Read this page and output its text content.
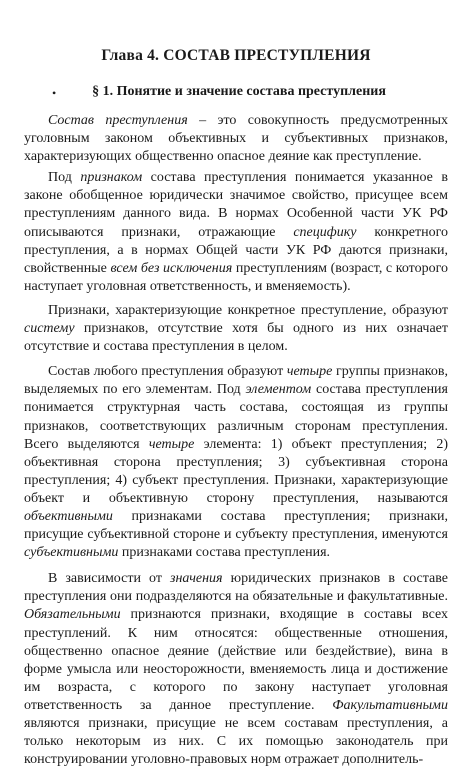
Глава 4. СОСТАВ ПРЕСТУПЛЕНИЯ
•	§ 1. Понятие и значение состава преступления

Состав преступления – это совокупность предусмотренных уголовным законом объективных и субъективных признаков, характеризующих общественно опасное деяние как преступление.

Под признаком состава преступления понимается указанное в законе обобщенное юридически значимое свойство, присущее всем преступлениям данного вида. В нормах Особенной части УК РФ описываются признаки, отражающие специфику конкретного преступления, а в нормах Общей части УК РФ даются признаки, свойственные всем без исключения преступлениям (возраст, с которого наступает уголовная ответственность, и вменяемость).

Признаки, характеризующие конкретное преступление, образуют систему признаков, отсутствие хотя бы одного из них означает отсутствие и состава преступления в целом.

Состав любого преступления образуют четыре группы признаков, выделяемых по его элементам. Под элементом состава преступления понимается структурная часть состава, состоящая из группы признаков, соответствующих различным сторонам преступления. Всего выделяются четыре элемента: 1) объект преступления; 2) объективная сторона преступления; 3) субъективная сторона преступления; 4) субъект преступления. Признаки, характеризующие объект и объективную сторону преступления, называются объективными признаками состава преступления; признаки, присущие субъективной стороне и субъекту преступления, именуются субъективными признаками состава преступления.

В зависимости от значения юридических признаков в составе преступления они подразделяются на обязательные и факультативные. Обязательными признаются признаки, входящие в составы всех преступлений. К ним относятся: общественные отношения, общественно опасное деяние (действие или бездействие), вина в форме умысла или неосторожности, вменяемость лица и достижение им возраста, с которого по закону наступает уголовная ответственность за данное преступление. Факультативными являются признаки, присущие не всем составам преступления, а только некоторым из них. С их помощью законодатель при конструировании уголовно-правовых норм отражает дополнитель-
